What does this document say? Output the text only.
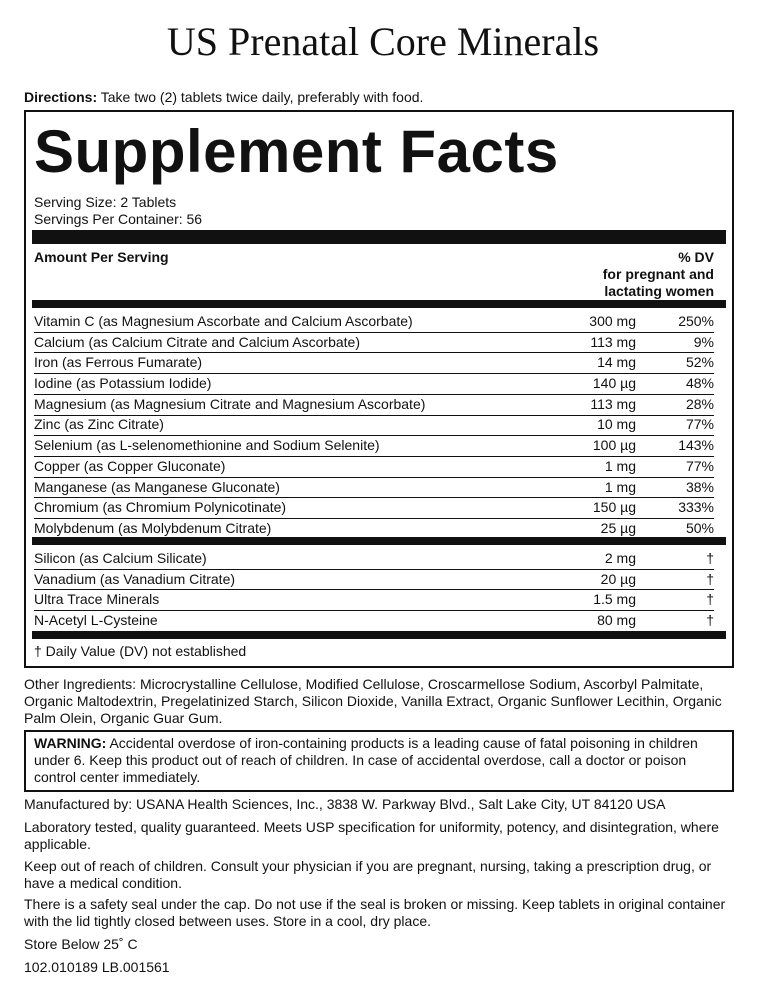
US Prenatal Core Minerals
Directions: Take two (2) tablets twice daily, preferably with food.
Supplement Facts
Serving Size: 2 Tablets
Servings Per Container: 56
Amount Per Serving	% DV
for pregnant and
lactating women
Vitamin C (as Magnesium Ascorbate and Calcium Ascorbate)	300 mg	250%
Calcium (as Calcium Citrate and Calcium Ascorbate)	113 mg	9%
Iron (as Ferrous Fumarate)	14 mg	52%
Iodine (as Potassium Iodide)	140 µg	48%
Magnesium (as Magnesium Citrate and Magnesium Ascorbate)	113 mg	28%
Zinc (as Zinc Citrate)	10 mg	77%
Selenium (as L-selenomethionine and Sodium Selenite)	100 µg	143%
Copper (as Copper Gluconate)	1 mg	77%
Manganese (as Manganese Gluconate)	1 mg	38%
Chromium (as Chromium Polynicotinate)	150 µg	333%
Molybdenum (as Molybdenum Citrate)	25 µg	50%
Silicon (as Calcium Silicate)	2 mg	†
Vanadium (as Vanadium Citrate)	20 µg	†
Ultra Trace Minerals	1.5 mg	†
N-Acetyl L-Cysteine	80 mg	†
† Daily Value (DV) not established
Other Ingredients: Microcrystalline Cellulose, Modified Cellulose, Croscarmellose Sodium, Ascorbyl Palmitate, Organic Maltodextrin, Pregelatinized Starch, Silicon Dioxide, Vanilla Extract, Organic Sunflower Lecithin, Organic Palm Olein, Organic Guar Gum.
WARNING: Accidental overdose of iron-containing products is a leading cause of fatal poisoning in children under 6. Keep this product out of reach of children. In case of accidental overdose, call a doctor or poison control center immediately.
Manufactured by: USANA Health Sciences, Inc., 3838 W. Parkway Blvd., Salt Lake City, UT 84120 USA
Laboratory tested, quality guaranteed. Meets USP specification for uniformity, potency, and disintegration, where applicable.
Keep out of reach of children. Consult your physician if you are pregnant, nursing, taking a prescription drug, or have a medical condition.
There is a safety seal under the cap. Do not use if the seal is broken or missing. Keep tablets in original container with the lid tightly closed between uses. Store in a cool, dry place.
Store Below 25˚ C
102.010189 LB.001561
